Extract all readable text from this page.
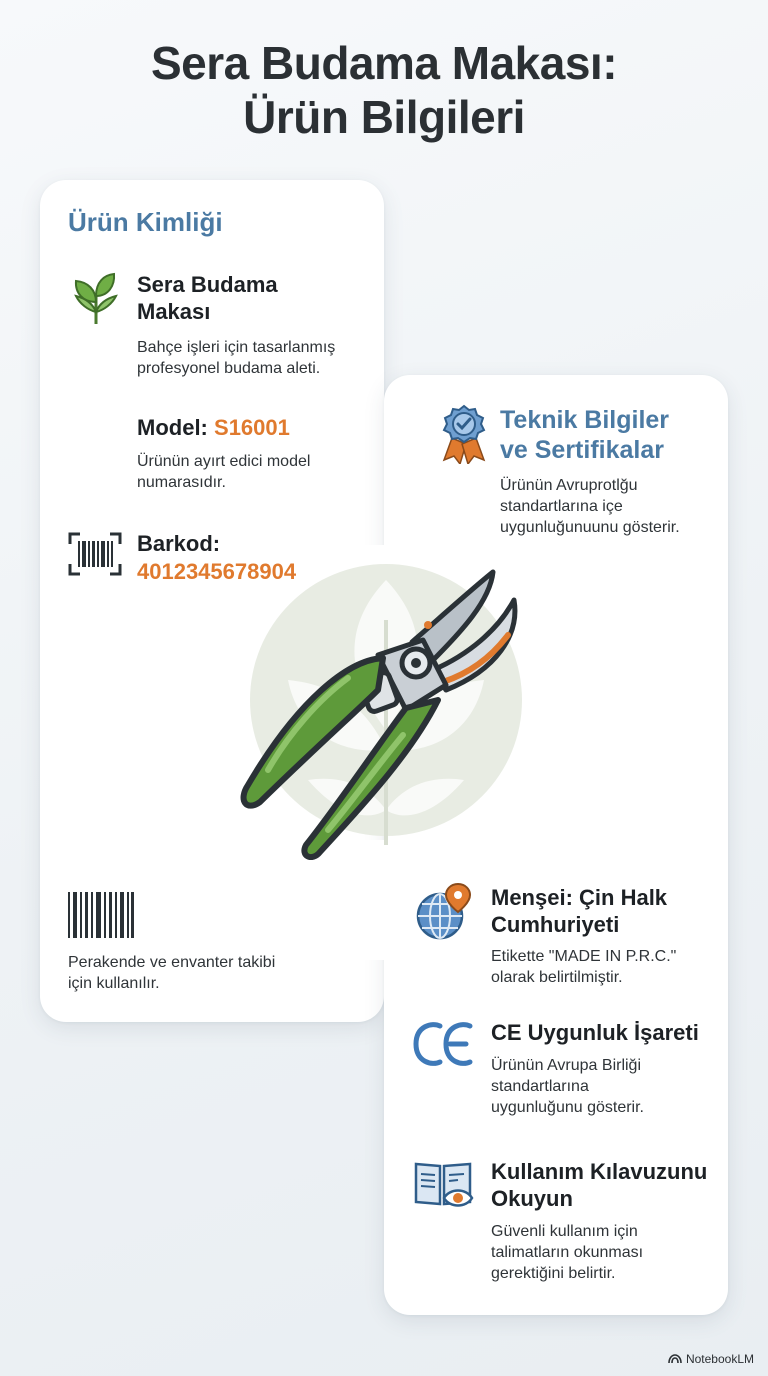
Sera Budama Makası:
Ürün Bilgileri
Ürün Kimliği
Sera Budama
Makası
Bahçe işleri için tasarlanmış
profesyonel budama aleti.
Model: S16001
Ürünün ayırt edici model
numarasıdır.
Barkod:
4012345678904
Perakende ve envanter takibi
için kullanılır.
Teknik Bilgiler
ve Sertifikalar
Ürünün Avruprotlğu
standartlarına içe
uygunluğunuunu gösterir.
Menşei: Çin Halk
Cumhuriyeti
Etikette "MADE IN P.R.C."
olarak belirtilmiştir.
CE Uygunluk İşareti
Ürünün Avrupa Birliği
standartlarına
uygunluğunu gösterir.
Kullanım Kılavuzunu
Okuyun
Güvenli kullanım için
talimatların okunması
gerektiğini belirtir.
NotebookLM
